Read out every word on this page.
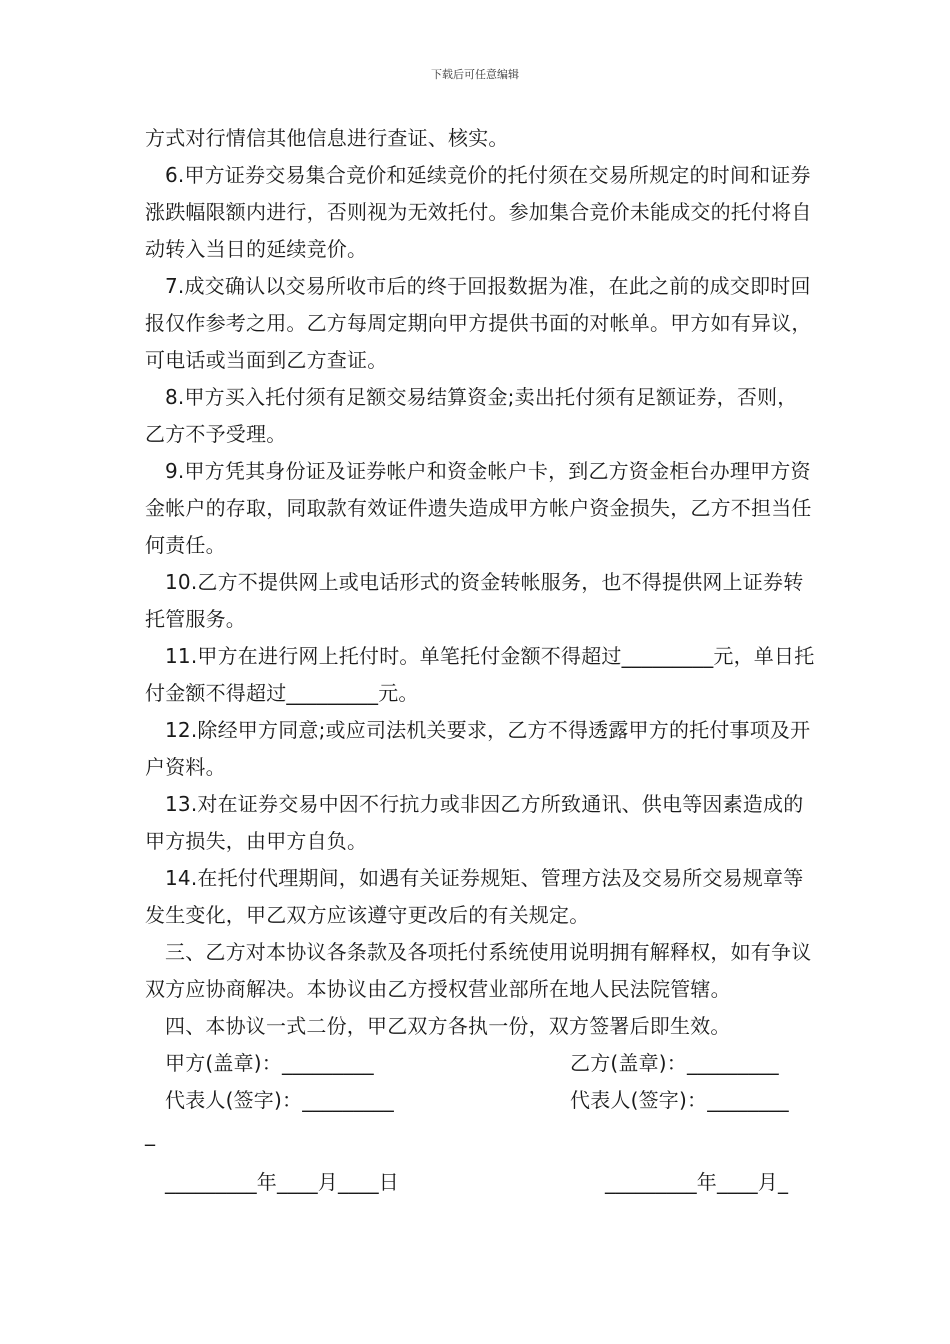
下载后可任意编辑

方式对行情信其他信息进行查证、核实。

6.甲方证券交易集合竞价和延续竞价的托付须在交易所规定的时间和证券涨跌幅限额内进行，否则视为无效托付。参加集合竞价未能成交的托付将自动转入当日的延续竞价。

7.成交确认以交易所收市后的终于回报数据为准，在此之前的成交即时回报仅作参考之用。乙方每周定期向甲方提供书面的对帐单。甲方如有异议，可电话或当面到乙方查证。

8.甲方买入托付须有足额交易结算资金;卖出托付须有足额证券，否则，乙方不予受理。

9.甲方凭其身份证及证券帐户和资金帐户卡，到乙方资金柜台办理甲方资金帐户的存取，同取款有效证件遗失造成甲方帐户资金损失，乙方不担当任何责任。

10.乙方不提供网上或电话形式的资金转帐服务，也不得提供网上证券转托管服务。

11.甲方在进行网上托付时。单笔托付金额不得超过_________元，单日托付金额不得超过_________元。

12.除经甲方同意;或应司法机关要求，乙方不得透露甲方的托付事项及开户资料。

13.对在证券交易中因不行抗力或非因乙方所致通讯、供电等因素造成的甲方损失，由甲方自负。

14.在托付代理期间，如遇有关证券规矩、管理方法及交易所交易规章等发生变化，甲乙双方应该遵守更改后的有关规定。

三、乙方对本协议各条款及各项托付系统使用说明拥有解释权，如有争议双方应协商解决。本协议由乙方授权营业部所在地人民法院管辖。

四、本协议一式二份，甲乙双方各执一份，双方签署后即生效。

甲方(盖章)：_________	乙方(盖章)：_________
代表人(签字)：_________	代表人(签字)：________

_

_________年____月____日	_________年____月_
